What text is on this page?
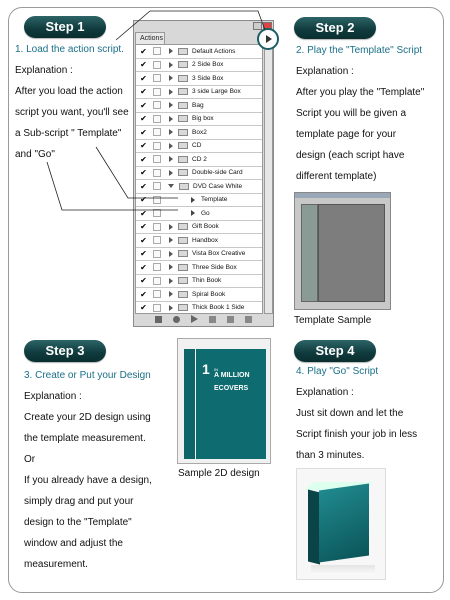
Step 1
1. Load the action script.
Explanation :
After you load the action
script you want, you'll see
a Sub-script " Template"
and "Go"
Actions
✔	Default Actions
✔	2 Side Box
✔	3 Side Box
✔	3 side Large Box
✔	Bag
✔	Big box
✔	Box2
✔	CD
✔	CD 2
✔	Double-side Card
✔	DVD Case White
✔	Template
✔	Go
✔	Gift Book
✔	Handbox
✔	Vista Box Creative
✔	Three Side Box
✔	Thin Book
✔	Spiral Book
✔	Thick Book 1 Side
Step 2
2. Play the "Template" Script
Explanation :
After you play the "Template"
Script you will be given a
template page for your
design (each script have
different template)
Template Sample
Step 3
3. Create or Put your Design
Explanation :
Create your 2D design using
the template measurement.
Or
If you already have a design,
simply drag and put your
design to the "Template"
window and adjust the
measurement.
1 IN
A MILLION
ECOVERS
Sample 2D design
Step 4
4. Play "Go" Script
Explanation :
Just sit down and let the
Script finish your job in less
than 3 minutes.
